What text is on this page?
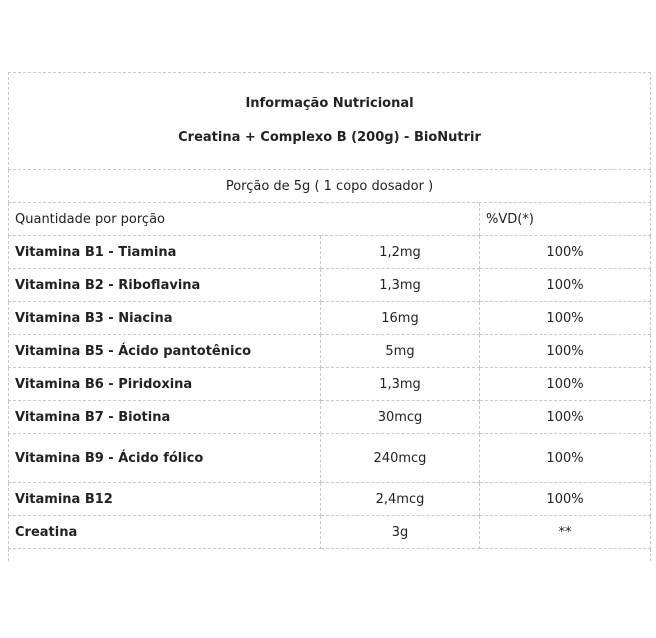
Informação Nutricional
Creatina + Complexo B (200g) - BioNutrir		

Porção de 5g ( 1 copo dosador )		
Quantidade por porção		%VD(*)
Vitamina B1 - Tiamina	1,2mg	100%
Vitamina B2 - Riboflavina	1,3mg	100%
Vitamina B3 - Niacina	16mg	100%
Vitamina B5 - Ácido pantotênico	5mg	100%
Vitamina B6 - Piridoxina	1,3mg	100%
Vitamina B7 - Biotina	30mcg	100%
Vitamina B9 - Ácido fólico	240mcg	100%
Vitamina B12	2,4mcg	100%
Creatina	3g	**
